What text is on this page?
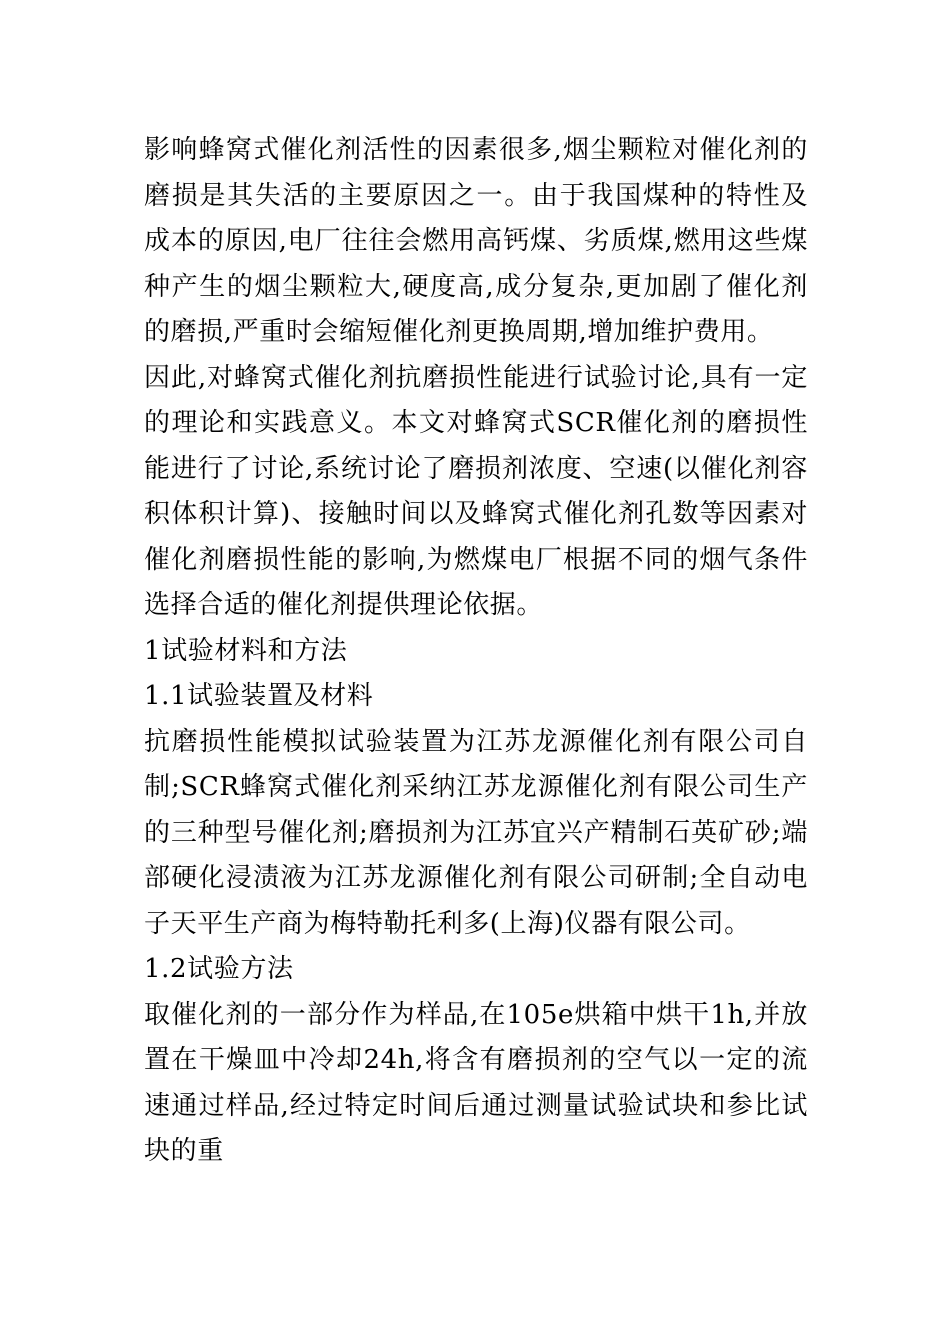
影响蜂窝式催化剂活性的因素很多,烟尘颗粒对催化剂的磨损是其失活的主要原因之一。由于我国煤种的特性及成本的原因,电厂往往会燃用高钙煤、劣质煤,燃用这些煤种产生的烟尘颗粒大,硬度高,成分复杂,更加剧了催化剂的磨损,严重时会缩短催化剂更换周期,增加维护费用。

因此,对蜂窝式催化剂抗磨损性能进行试验讨论,具有一定的理论和实践意义。本文对蜂窝式SCR催化剂的磨损性能进行了讨论,系统讨论了磨损剂浓度、空速(以催化剂容积体积计算)、接触时间以及蜂窝式催化剂孔数等因素对催化剂磨损性能的影响,为燃煤电厂根据不同的烟气条件选择合适的催化剂提供理论依据。

1试验材料和方法
1.1试验装置及材料

抗磨损性能模拟试验装置为江苏龙源催化剂有限公司自制;SCR蜂窝式催化剂采纳江苏龙源催化剂有限公司生产的三种型号催化剂;磨损剂为江苏宜兴产精制石英矿砂;端部硬化浸渍液为江苏龙源催化剂有限公司研制;全自动电子天平生产商为梅特勒托利多(上海)仪器有限公司。

1.2试验方法

取催化剂的一部分作为样品,在105e烘箱中烘干1h,并放置在干燥皿中冷却24h,将含有磨损剂的空气以一定的流速通过样品,经过特定时间后通过测量试验试块和参比试块的重
